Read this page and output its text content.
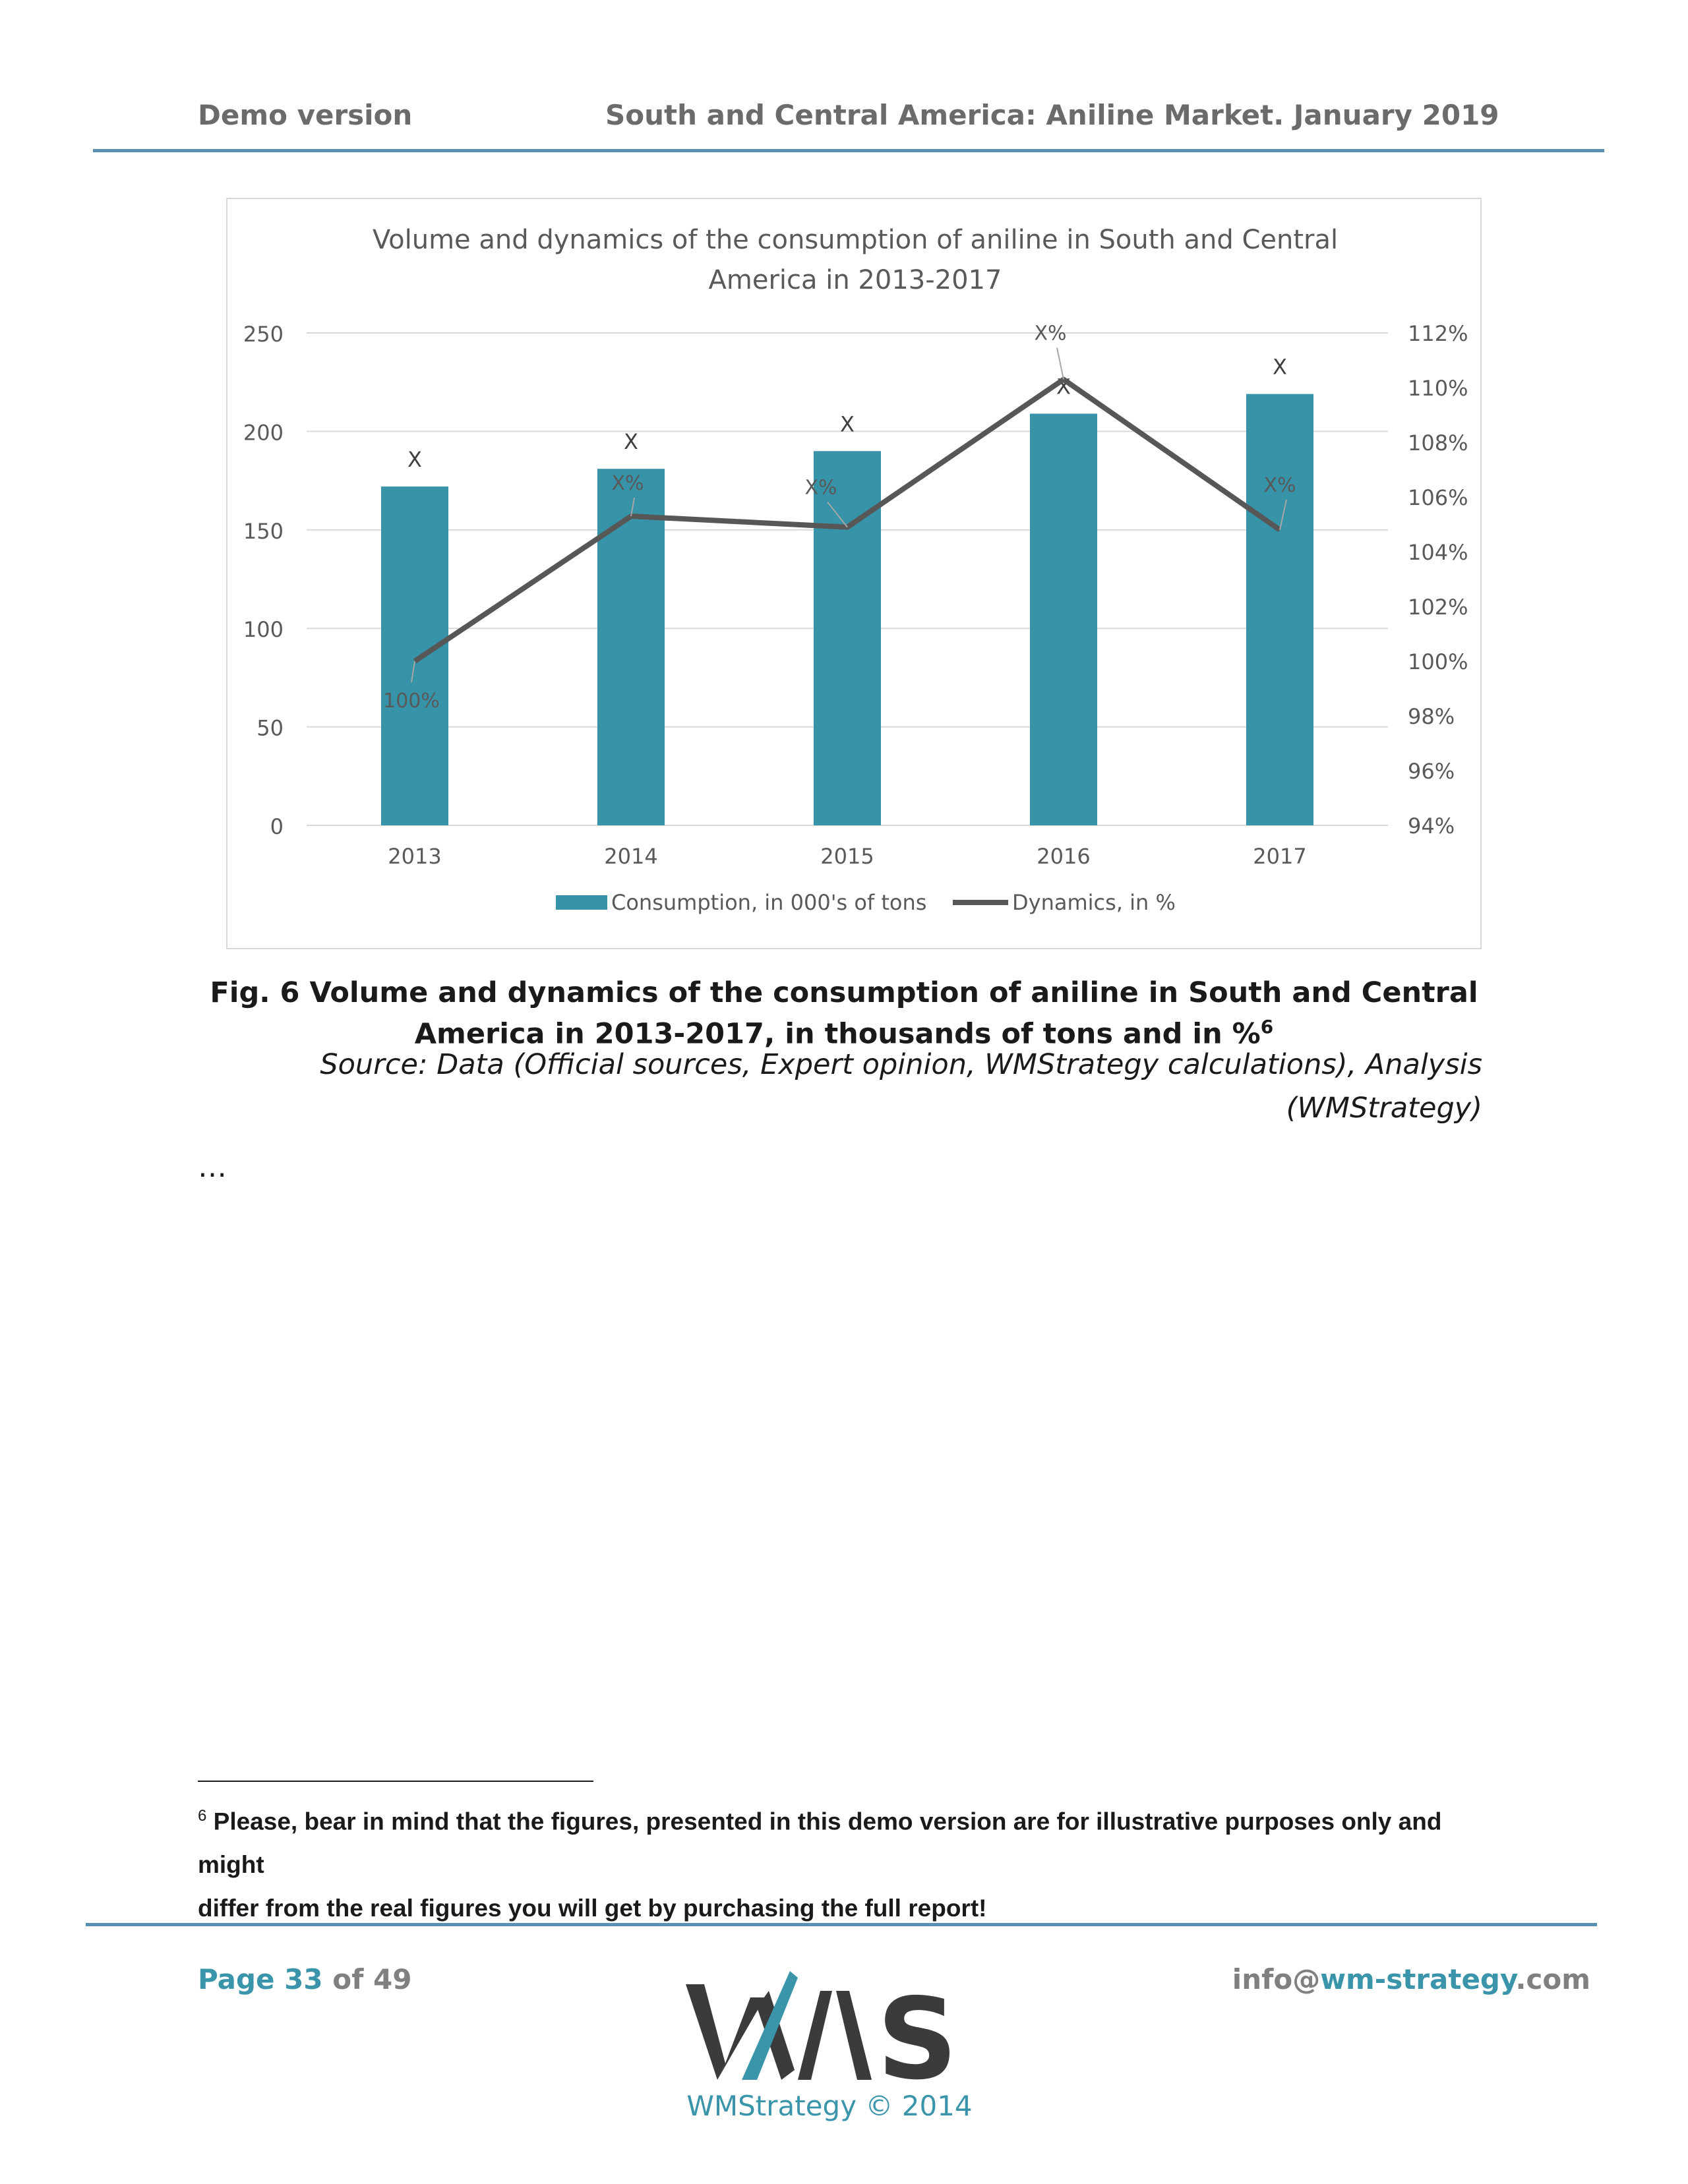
Demo version	South and Central America: Aniline Market. January 2019
Volume and dynamics of the consumption of aniline in South and Central
America in 2013-2017
0
50
100
150
200
250
94%
96%
98%
100%
102%
104%
106%
108%
110%
112%
X
X
X
X
X
2013	2014	2015	2016	2017
100%
X%	X%
X%
X%
Consumption, in 000's of tons	Dynamics, in %
Fig. 6 Volume and dynamics of the consumption of aniline in South and Central
America in 2013-2017, in thousands of tons and in %$^6$
Source: Data (Official sources, Expert opinion, WMStrategy calculations), Analysis
(WMStrategy)
…
$^6$ Please, bear in mind that the figures, presented in this demo version are for illustrative purposes only and might
differ from the real figures you will get by purchasing the full report!
Page 33 of 49	info@wm-strategy.com
S
WMStrategy © 2014
